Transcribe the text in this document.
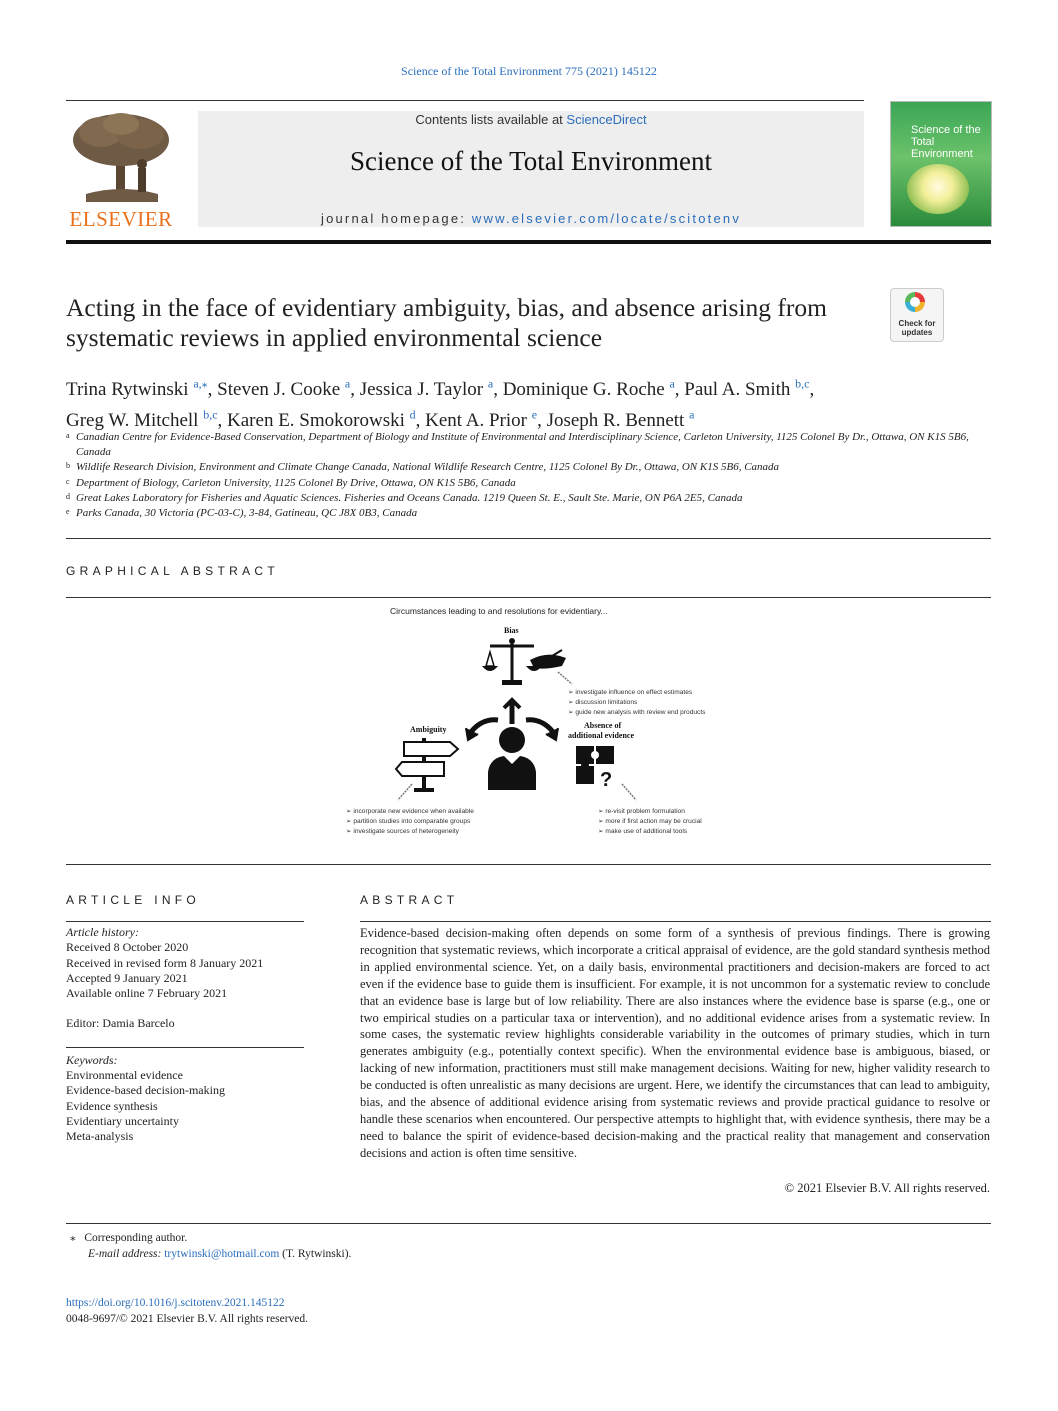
Science of the Total Environment 775 (2021) 145122
ELSEVIER
Contents lists available at ScienceDirect
Science of the Total Environment
journal homepage: www.elsevier.com/locate/scitotenv
Science of the
Total Environment
Acting in the face of evidentiary ambiguity, bias, and absence arising from systematic reviews in applied environmental science	Check for
updates
Trina Rytwinski $^{a,⁎}$, Steven J. Cooke $^a$, Jessica J. Taylor $^a$, Dominique G. Roche $^a$, Paul A. Smith $^{b,c}$,
Greg W. Mitchell $^{b,c}$, Karen E. Smokorowski $^d$, Kent A. Prior $^e$, Joseph R. Bennett $^a$
a Canadian Centre for Evidence-Based Conservation, Department of Biology and Institute of Environmental and Interdisciplinary Science, Carleton University, 1125 Colonel By Dr., Ottawa, ON K1S 5B6, Canada
b Wildlife Research Division, Environment and Climate Change Canada, National Wildlife Research Centre, 1125 Colonel By Dr., Ottawa, ON K1S 5B6, Canada
c Department of Biology, Carleton University, 1125 Colonel By Drive, Ottawa, ON K1S 5B6, Canada
d Great Lakes Laboratory for Fisheries and Aquatic Sciences. Fisheries and Oceans Canada. 1219 Queen St. E., Sault Ste. Marie, ON P6A 2E5, Canada
e Parks Canada, 30 Victoria (PC-03-C), 3-84, Gatineau, QC J8X 0B3, Canada
GRAPHICAL ABSTRACT
Circumstances leading to and resolutions for evidentiary...
Bias
➢ investigate influence on effect estimates
➢ discussion limitations
➢ guide new analysis with review end products
Ambiguity
➢ incorporate new evidence when available
➢ partition studies into comparable groups
➢ investigate sources of heterogeneity
Absence of
additional evidence
?
➢ re-visit problem formulation
➢ more if first action may be crucial
➢ make use of additional tools
ARTICLE INFO
Article history:
Received 8 October 2020
Received in revised form 8 January 2021
Accepted 9 January 2021
Available online 7 February 2021
Editor: Damia Barcelo
Keywords:
Environmental evidence
Evidence-based decision-making
Evidence synthesis
Evidentiary uncertainty
Meta-analysis
ABSTRACT
Evidence-based decision-making often depends on some form of a synthesis of previous findings. There is growing recognition that systematic reviews, which incorporate a critical appraisal of evidence, are the gold standard synthesis method in applied environmental science. Yet, on a daily basis, environmental practitioners and decision-makers are forced to act even if the evidence base to guide them is insufficient. For example, it is not uncommon for a systematic review to conclude that an evidence base is large but of low reliability. There are also instances where the evidence base is sparse (e.g., one or two empirical studies on a particular taxa or intervention), and no additional evidence arises from a systematic review. In some cases, the systematic review highlights considerable variability in the outcomes of primary studies, which in turn generates ambiguity (e.g., potentially context specific). When the environmental evidence base is ambiguous, biased, or lacking of new information, practitioners must still make management decisions. Waiting for new, higher validity research to be conducted is often unrealistic as many decisions are urgent. Here, we identify the circumstances that can lead to ambiguity, bias, and the absence of additional evidence arising from systematic reviews and provide practical guidance to resolve or handle these scenarios when encountered. Our perspective attempts to highlight that, with evidence synthesis, there may be a need to balance the spirit of evidence-based decision-making and the practical reality that management and conservation decisions and action is often time sensitive.
© 2021 Elsevier B.V. All rights reserved.
⁎ Corresponding author.
E-mail address: trytwinski@hotmail.com (T. Rytwinski).
https://doi.org/10.1016/j.scitotenv.2021.145122
0048-9697/© 2021 Elsevier B.V. All rights reserved.
